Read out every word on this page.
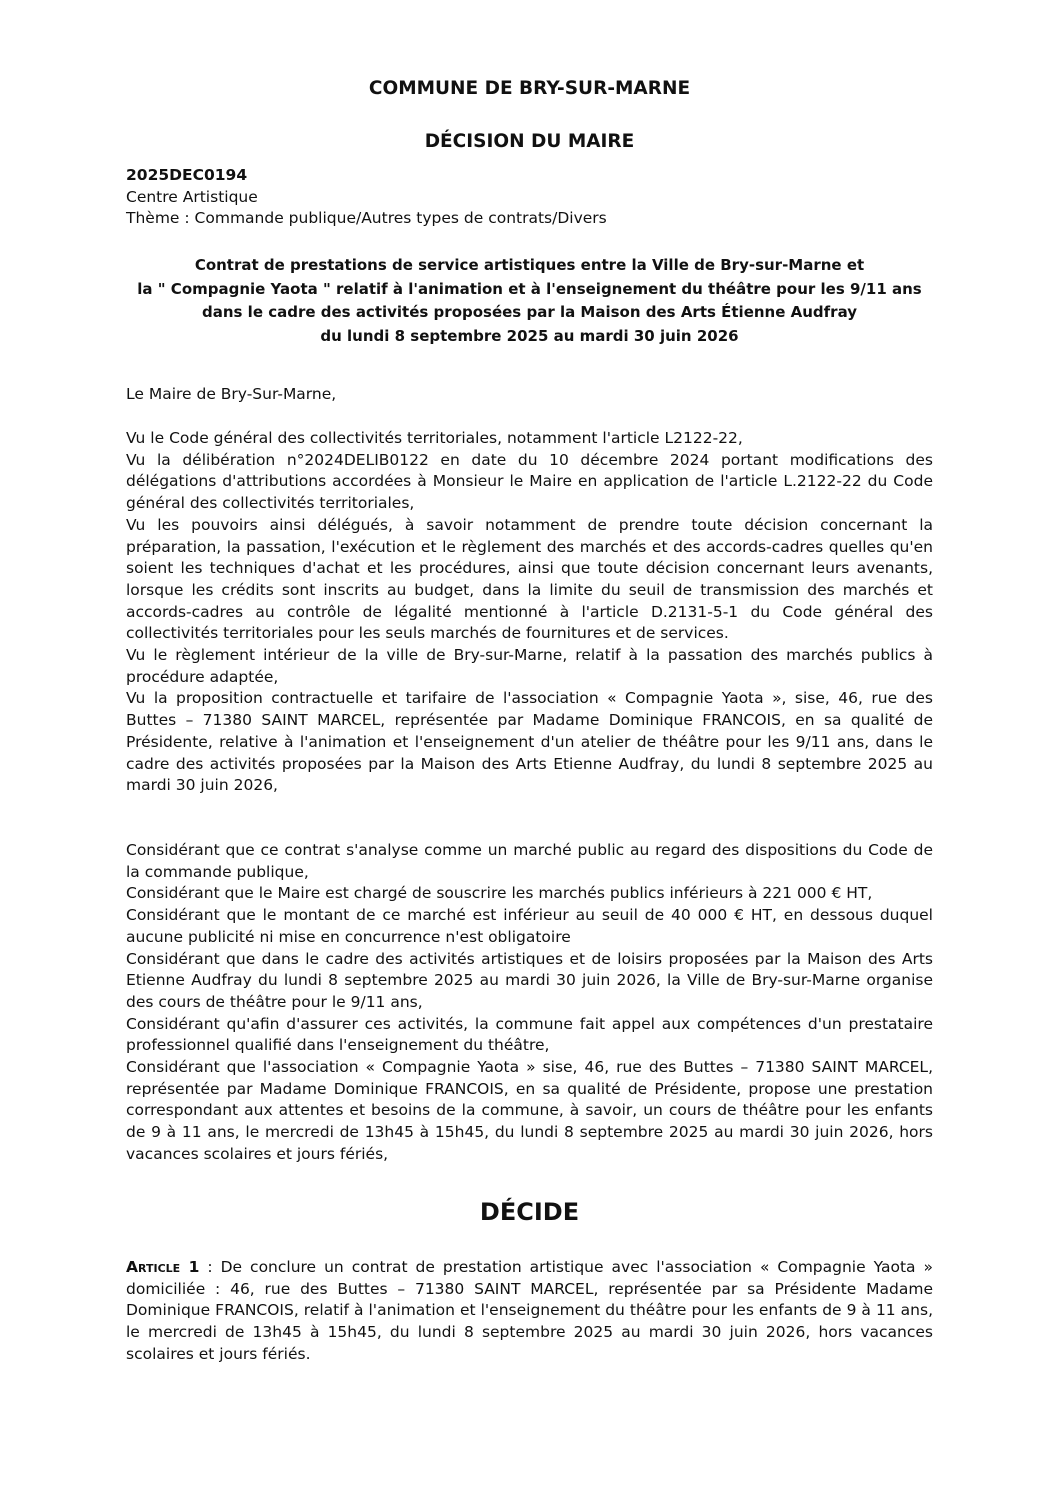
COMMUNE DE BRY-SUR-MARNE
DÉCISION DU MAIRE
2025DEC0194
Centre Artistique
Thème : Commande publique/Autres types de contrats/Divers
Contrat de prestations de service artistiques entre la Ville de Bry-sur-Marne et
la " Compagnie Yaota " relatif à l'animation et à l'enseignement du théâtre pour les 9/11 ans
dans le cadre des activités proposées par la Maison des Arts Étienne Audfray
du lundi 8 septembre 2025 au mardi 30 juin 2026

Le Maire de Bry-Sur-Marne,

Vu le Code général des collectivités territoriales, notamment l'article L2122-22,

Vu la délibération n°2024DELIB0122 en date du 10 décembre 2024 portant modifications des délégations d'attributions accordées à Monsieur le Maire en application de l'article L.2122-22 du Code général des collectivités territoriales,

Vu les pouvoirs ainsi délégués, à savoir notamment de prendre toute décision concernant la préparation, la passation, l'exécution et le règlement des marchés et des accords-cadres quelles qu'en soient les techniques d'achat et les procédures, ainsi que toute décision concernant leurs avenants, lorsque les crédits sont inscrits au budget, dans la limite du seuil de transmission des marchés et accords-cadres au contrôle de légalité mentionné à l'article D.2131-5-1 du Code général des collectivités territoriales pour les seuls marchés de fournitures et de services.

Vu le règlement intérieur de la ville de Bry-sur-Marne, relatif à la passation des marchés publics à procédure adaptée,

Vu la proposition contractuelle et tarifaire de l'association « Compagnie Yaota », sise, 46, rue des Buttes – 71380 SAINT MARCEL, représentée par Madame Dominique FRANCOIS, en sa qualité de Présidente, relative à l'animation et l'enseignement d'un atelier de théâtre pour les 9/11 ans, dans le cadre des activités proposées par la Maison des Arts Etienne Audfray, du lundi 8 septembre 2025 au mardi 30 juin 2026,

Considérant que ce contrat s'analyse comme un marché public au regard des dispositions du Code de la commande publique,

Considérant que le Maire est chargé de souscrire les marchés publics inférieurs à 221 000 € HT,

Considérant que le montant de ce marché est inférieur au seuil de 40 000 € HT, en dessous duquel aucune publicité ni mise en concurrence n'est obligatoire

Considérant que dans le cadre des activités artistiques et de loisirs proposées par la Maison des Arts Etienne Audfray du lundi 8 septembre 2025 au mardi 30 juin 2026, la Ville de Bry-sur-Marne organise des cours de théâtre pour le 9/11 ans,

Considérant qu'afin d'assurer ces activités, la commune fait appel aux compétences d'un prestataire professionnel qualifié dans l'enseignement du théâtre,

Considérant que l'association « Compagnie Yaota » sise, 46, rue des Buttes – 71380 SAINT MARCEL, représentée par Madame Dominique FRANCOIS, en sa qualité de Présidente, propose une prestation correspondant aux attentes et besoins de la commune, à savoir, un cours de théâtre pour les enfants de 9 à 11 ans, le mercredi de 13h45 à 15h45, du lundi 8 septembre 2025 au mardi 30 juin 2026, hors vacances scolaires et jours fériés,

DÉCIDE

Article 1 : De conclure un contrat de prestation artistique avec l'association « Compagnie Yaota » domiciliée : 46, rue des Buttes – 71380 SAINT MARCEL, représentée par sa Présidente Madame Dominique FRANCOIS, relatif à l'animation et l'enseignement du théâtre pour les enfants de 9 à 11 ans, le mercredi de 13h45 à 15h45, du lundi 8 septembre 2025 au mardi 30 juin 2026, hors vacances scolaires et jours fériés.
